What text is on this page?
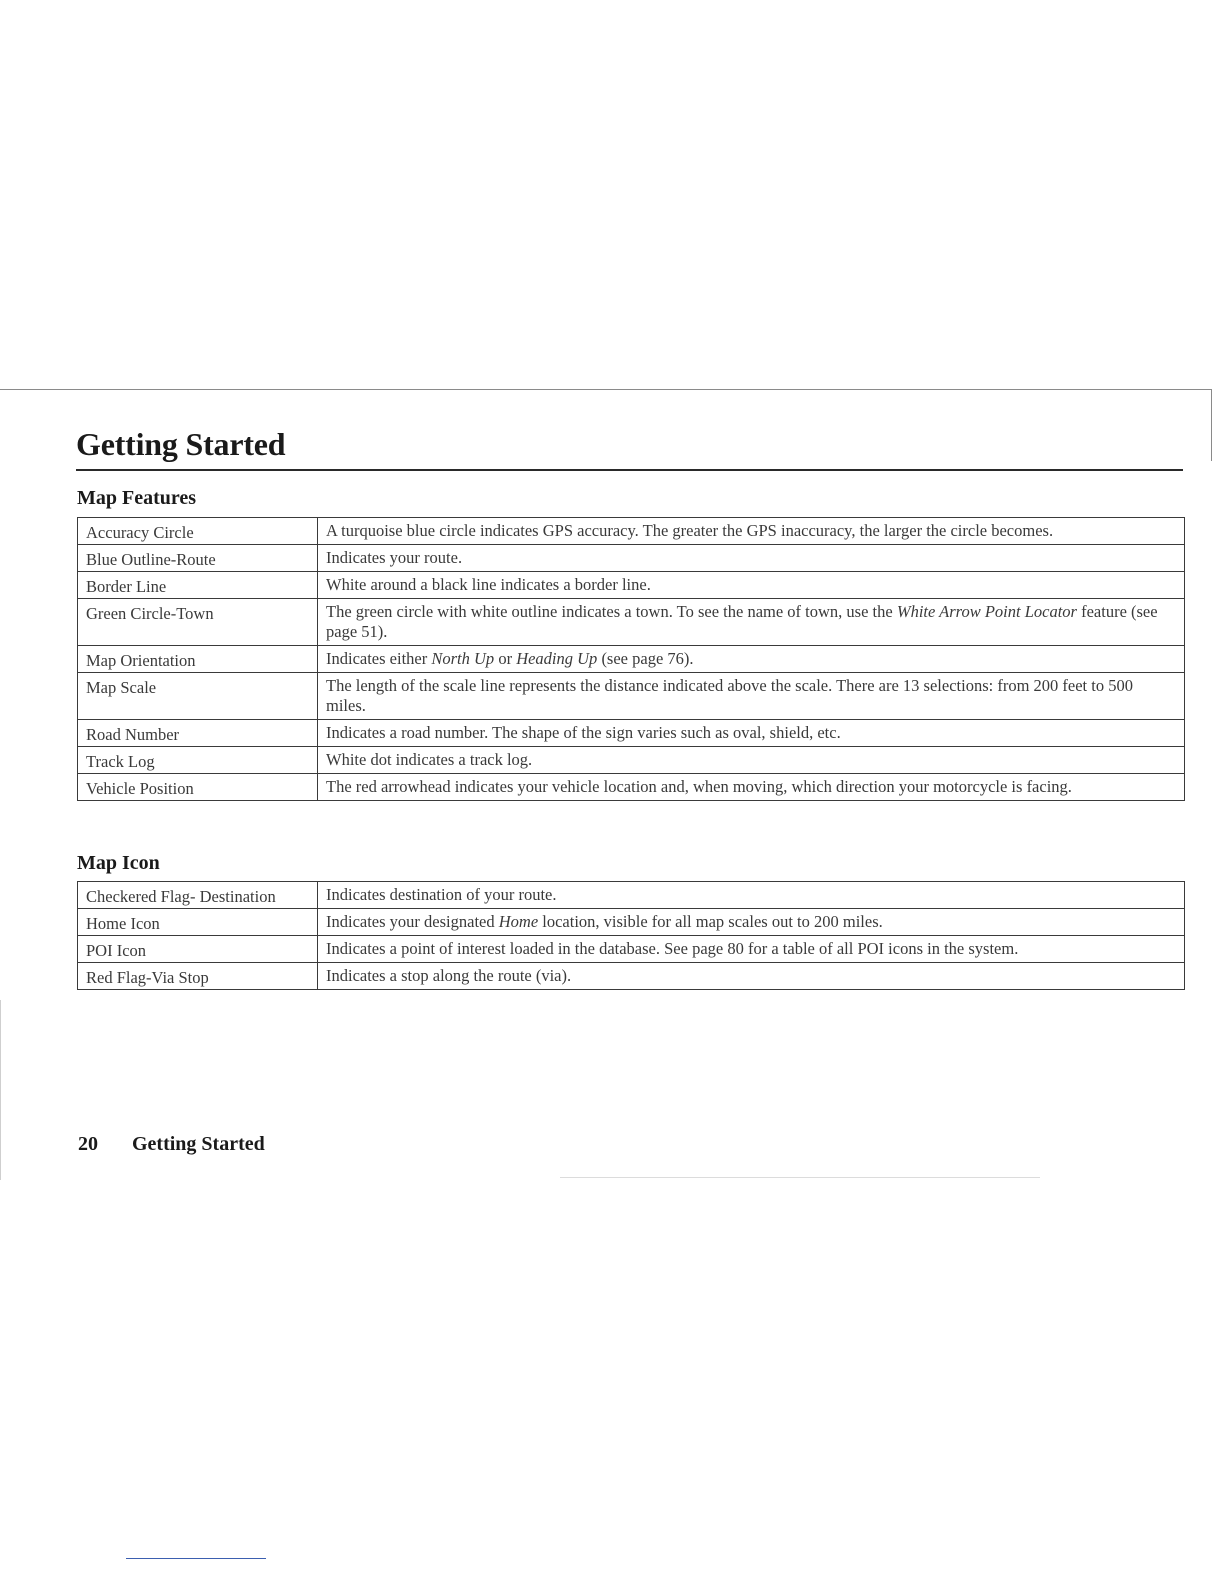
Getting Started
Map Features
Accuracy Circle	A turquoise blue circle indicates GPS accuracy. The greater the GPS inaccuracy, the larger the circle becomes.
Blue Outline-Route	Indicates your route.
Border Line	White around a black line indicates a border line.
Green Circle-Town	The green circle with white outline indicates a town. To see the name of town, use the White Arrow Point Locator feature (see page 51).
Map Orientation	Indicates either North Up or Heading Up (see page 76).
Map Scale	The length of the scale line represents the distance indicated above the scale. There are 13 selections: from 200 feet to 500 miles.
Road Number	Indicates a road number. The shape of the sign varies such as oval, shield, etc.
Track Log	White dot indicates a track log.
Vehicle Position	The red arrowhead indicates your vehicle location and, when moving, which direction your motorcycle is facing.
Map Icon
Checkered Flag- Destination	Indicates destination of your route.
Home Icon	Indicates your designated Home location, visible for all map scales out to 200 miles.
POI Icon	Indicates a point of interest loaded in the database. See page 80 for a table of all POI icons in the system.
Red Flag-Via Stop	Indicates a stop along the route (via).
20 Getting Started
